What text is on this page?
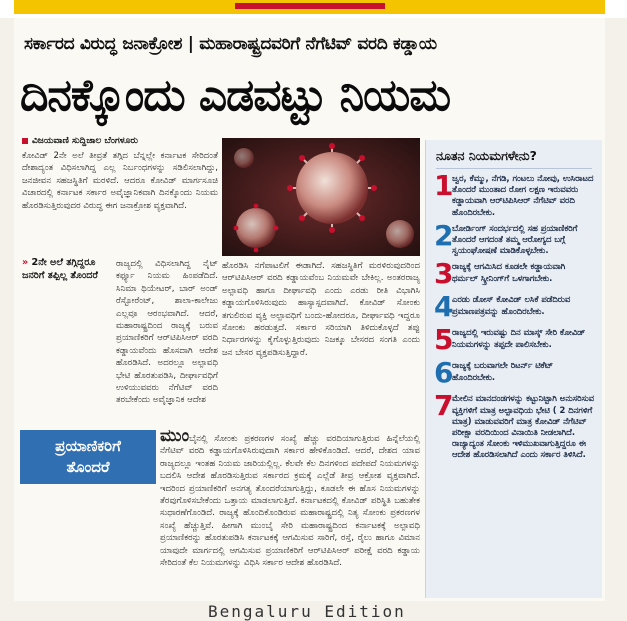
ಸರ್ಕಾರದ ವಿರುದ್ಧ ಜನಾಕ್ರೋಶ | ಮಹಾರಾಷ್ಟ್ರದವರಿಗೆ ನೆಗೆಟಿವ್ ವರದಿ ಕಡ್ಡಾಯ
ದಿನಕ್ಕೊಂದು ಎಡವಟ್ಟು ನಿಯಮ
ವಿಜಯವಾಣಿ ಸುದ್ದಿಜಾಲ ಬೆಂಗಳೂರು

ಕೋವಿಡ್ 2ನೇ ಅಲೆ ತೀವ್ರತೆ ತಗ್ಗಿದ ಬೆನ್ನಲ್ಲೇ ಕರ್ನಾಟಕ ಸೇರಿದಂತೆ ದೇಶಾದ್ಯಂತ ವಿಧಿಸಲಾಗಿದ್ದ ಎಲ್ಲ ನಿರ್ಬಂಧಗಳನ್ನು ಸಡಿಲಿಸಲಾಗಿದ್ದು, ಜನಜೀವನ ಸಹಜಸ್ಥಿತಿಗೆ ಮರಳಿದೆ. ಆದರೂ ಕೋವಿಡ್ ಮಾರ್ಗಸೂಚಿ ವಿಚಾರದಲ್ಲಿ ಕರ್ನಾಟಕ ಸರ್ಕಾರ ಅವೈಜ್ಞಾನಿಕವಾಗಿ ದಿನಕ್ಕೊಂದು ನಿಯಮ ಹೊರಡಿಸುತ್ತಿರುವುದರ ವಿರುದ್ಧ ಈಗ ಜನಾಕ್ರೋಶ ವ್ಯಕ್ತವಾಗಿದೆ.

» 2ನೇ ಅಲೆ ತಗ್ಗಿದ್ದರೂ ಜನರಿಗೆ ತಪ್ಪಿಲ್ಲ ತೊಂದರೆ

ರಾಜ್ಯದಲ್ಲಿ ವಿಧಿಸಲಾಗಿದ್ದ ನೈಟ್ ಕರ್ಫ್ಯೂ ನಿಯಮ ಹಿಂಪಡೆದಿದೆ. ಸಿನಿಮಾ ಥಿಯೇಟರ್, ಬಾರ್ ಅಂಡ್ ರೆಸ್ಟೋರೆಂಟ್, ಶಾಲಾ-ಕಾಲೇಜು ಎಲ್ಲವೂ ಆರಂಭವಾಗಿದೆ. ಆದರೆ, ಮಹಾರಾಷ್ಟ್ರದಿಂದ ರಾಜ್ಯಕ್ಕೆ ಬರುವ ಪ್ರಯಾಣಿಕರಿಗೆ ಆರ್‌ಟಿಪಿಸಿಆರ್ ವರದಿ ಕಡ್ಡಾಯವೆಂದು ಹೊಸದಾಗಿ ಆದೇಶ ಹೊರಡಿಸಿದೆ. ಅದರಲ್ಲೂ ಅಲ್ಪಾವಧಿ ಭೇಟಿ ಹೊರತುಪಡಿಸಿ, ದೀರ್ಘಾವಧಿಗೆ ಉಳಿಯುವವರು ನೆಗೆಟಿವ್ ವರದಿ ತರಬೇಕೆಂದು ಅವೈಜ್ಞಾನಿಕ ಆದೇಶ

ಹೊರಡಿಸಿ ನಗೆಪಾಟಲಿಗೆ ಈಡಾಗಿದೆ. ಸಹಜಸ್ಥಿತಿಗೆ ಮರಳಿರುವುದರಿಂದ ಆರ್‌ಟಿಪಿಸಿಆರ್ ವರದಿ ಕಡ್ಡಾಯವೆಂಬ ನಿಯಮವೇ ಬೇಕಿಲ್ಲ. ಅಂತರರಾಜ್ಯ ಅಲ್ಪಾವಧಿ ಹಾಗೂ ದೀರ್ಘಾವಧಿ ಎಂದು ಎರಡು ರೀತಿ ವಿಭಾಗಿಸಿ ಕಡ್ಡಾಯಗೊಳಿಸಿರುವುದು ಹಾಸ್ಯಾಸ್ಪದವಾಗಿದೆ. ಕೋವಿಡ್ ಸೋಂಕು ತಗುಲಿರುವ ವ್ಯಕ್ತಿ ಅಲ್ಪಾವಧಿಗೆ ಬಂದು-ಹೋದರೂ, ದೀರ್ಘಾವಧಿ ಇದ್ದರೂ ಸೋಂಕು ಹರಡುತ್ತದೆ. ಸರ್ಕಾರ ಸರಿಯಾಗಿ ತಿಳಿದುಕೊಳ್ಳದೆ ತಪ್ಪು ನಿರ್ಧಾರಗಳನ್ನು ಕೈಗೊಳ್ಳುತ್ತಿರುವುದು ನಿಜಕ್ಕೂ ಬೇಸರದ ಸಂಗತಿ ಎಂದು ಜನ ಬೇಸರ ವ್ಯಕ್ತಪಡಿಸುತ್ತಿದ್ದಾರೆ.

ಪ್ರಯಾಣಿಕರಿಗೆ
ತೊಂದರೆ

ಮುಂಬೈನಲ್ಲಿ ಸೋಂಕು ಪ್ರಕರಣಗಳ ಸಂಖ್ಯೆ ಹೆಚ್ಚು ವರದಿಯಾಗುತ್ತಿರುವ ಹಿನ್ನೆಲೆಯಲ್ಲಿ ನೆಗೆಟಿವ್ ವರದಿ ಕಡ್ಡಾಯಗೊಳಿಸಿರುವುದಾಗಿ ಸರ್ಕಾರ ಹೇಳಿಕೊಂಡಿದೆ. ಆದರೆ, ದೇಶದ ಯಾವ ರಾಜ್ಯದಲ್ಲೂ ಇಂತಹ ನಿಯಮ ಜಾರಿಯಲ್ಲಿಲ್ಲ. ಕೆಲವೇ ಕೆಲ ದಿನಗಳಿಂದ ಪದೇಪದೆ ನಿಯಮಗಳನ್ನು ಬದಲಿಸಿ ಆದೇಶ ಹೊರಡಿಸುತ್ತಿರುವ ಸರ್ಕಾರದ ಕ್ರಮಕ್ಕೆ ಎಲ್ಲೆಡೆ ತೀವ್ರ ಆಕ್ರೋಶ ವ್ಯಕ್ತವಾಗಿದೆ. ಇದರಿಂದ ಪ್ರಯಾಣಿಕರಿಗೆ ಅನಗತ್ಯ ತೊಂದರೆಯಾಗುತ್ತಿದ್ದು, ಕೂಡಲೇ ಈ ಹೊಸ ನಿಯಮಗಳನ್ನು ತೆರವುಗೊಳಿಸಬೇಕೆಂದು ಒತ್ತಾಯ ಮಾಡಲಾಗುತ್ತಿದೆ. ಕರ್ನಾಟಕದಲ್ಲಿ ಕೋವಿಡ್ ಪರಿಸ್ಥಿತಿ ಬಹುತೇಕ ಸುಧಾರಣೆಗೊಂಡಿದೆ. ರಾಜ್ಯಕ್ಕೆ ಹೊಂದಿಕೊಂಡಿರುವ ಮಹಾರಾಷ್ಟ್ರದಲ್ಲಿ ನಿತ್ಯ ಸೋಂಕು ಪ್ರಕರಣಗಳ ಸಂಖ್ಯೆ ಹೆಚ್ಚುತ್ತಿವೆ. ಹೀಗಾಗಿ ಮುಂಬೈ ಸೇರಿ ಮಹಾರಾಷ್ಟ್ರದಿಂದ ಕರ್ನಾಟಕಕ್ಕೆ ಅಲ್ಪಾವಧಿ ಪ್ರಯಾಣಿಕರನ್ನು ಹೊರತುಪಡಿಸಿ ಕರ್ನಾಟಕಕ್ಕೆ ಆಗಮಿಸುವ ಸಾರಿಗೆ, ರಸ್ತೆ, ರೈಲು ಹಾಗೂ ವಿಮಾನ ಯಾವುದೇ ಮಾರ್ಗದಲ್ಲಿ ಆಗಮಿಸುವ ಪ್ರಯಾಣಿಕರಿಗೆ ಆರ್‌ಟಿಪಿಸಿಆರ್ ಪರೀಕ್ಷೆ ವರದಿ ಕಡ್ಡಾಯ ಸೇರಿದಂತೆ ಕೆಲ ನಿಯಮಗಳನ್ನು ವಿಧಿಸಿ ಸರ್ಕಾರ ಆದೇಶ ಹೊರಡಿಸಿದೆ.

ನೂತನ ನಿಯಮಗಳೇನು?
1
ಜ್ವರ, ಕೆಮ್ಮು, ನೆಗಡಿ, ಗಂಟಲು ನೋವು, ಉಸಿರಾಟದ ತೊಂದರೆ ಮುಂತಾದ ರೋಗ ಲಕ್ಷಣ ಇರುವವರು ಕಡ್ಡಾಯವಾಗಿ ಆರ್‌ಟಿಪಿಸಿಆರ್ ನೆಗೆಟಿವ್ ವರದಿ ಹೊಂದಿರಬೇಕು.
2
ಬೋರ್ಡಿಂಗ್ ಸಂದರ್ಭದಲ್ಲಿ ಸಹ ಪ್ರಯಾಣಿಕರಿಗೆ ತೊಂದರೆ ಆಗದಂತೆ ತಮ್ಮ ಆರೋಗ್ಯದ ಬಗ್ಗೆ ಸ್ವಯಂಘೋಷಣೆ ಮಾಡಿಕೊಳ್ಳಬೇಕು.
3
ರಾಜ್ಯಕ್ಕೆ ಆಗಮಿಸಿದ ಕೂಡಲೇ ಕಡ್ಡಾಯವಾಗಿ ಥರ್ಮಲ್ ಸ್ಕ್ರೀನಿಂಗ್‌ಗೆ ಒಳಗಾಗಬೇಕು.
4
ಎರಡು ಡೋಸ್ ಕೋವಿಡ್ ಲಸಿಕೆ ಪಡೆದಿರುವ ಪ್ರಮಾಣಪತ್ರವನ್ನು ಹೊಂದಿರಬೇಕು.
5
ರಾಜ್ಯದಲ್ಲಿ ಇರುವಷ್ಟು ದಿನ ಮಾಸ್ಕ್ ಸೇರಿ ಕೋವಿಡ್ ನಿಯಮಗಳನ್ನು ತಪ್ಪದೇ ಪಾಲಿಸಬೇಕು.
6
ರಾಜ್ಯಕ್ಕೆ ಬರುವಾಗಲೇ ರಿಟರ್ನ್ ಟಿಕೆಟ್ ಹೊಂದಿರಬೇಕು.
7
ಮೇಲಿನ ಮಾನದಂಡಗಳನ್ನು ಕಟ್ಟುನಿಟ್ಟಾಗಿ ಅನುಸರಿಸುವ ವ್ಯಕ್ತಿಗಳಿಗೆ ಮಾತ್ರ ಅಲ್ಪಾವಧಿಯ ಭೇಟಿ ( 2 ದಿನಗಳಿಗೆ ಮಾತ್ರ) ಮಾಡುವವರಿಗೆ ಮಾತ್ರ ಕೋವಿಡ್ ನೆಗೆಟಿವ್ ಪರೀಕ್ಷಾ ವರದಿಯಿಂದ ವಿನಾಯಿತಿ ನೀಡಲಾಗಿದೆ. ರಾಜ್ಯಾದ್ಯಂತ ಸೋಂಕು ಇಳಿಮುಖವಾಗುತ್ತಿದ್ದರೂ ಈ ಆದೇಶ ಹೊರಡಿಸಲಾಗಿದೆ ಎಂದು ಸರ್ಕಾರ ತಿಳಿಸಿದೆ.
Bengaluru Edition
